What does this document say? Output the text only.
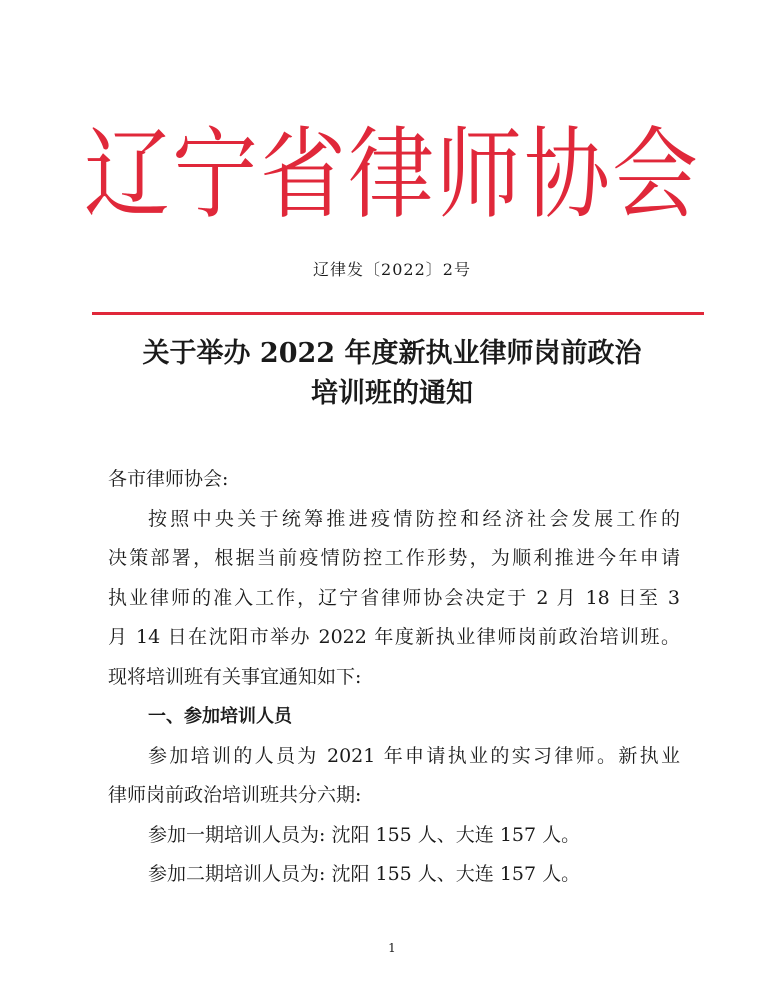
辽宁省律师协会
辽律发〔2022〕2号
关于举办 2022 年度新执业律师岗前政治
培训班的通知
各市律师协会:
按照中央关于统筹推进疫情防控和经济社会发展工作的
决策部署，根据当前疫情防控工作形势，为顺利推进今年申请
执业律师的准入工作，辽宁省律师协会决定于 2 月 18 日至 3
月 14 日在沈阳市举办 2022 年度新执业律师岗前政治培训班。
现将培训班有关事宜通知如下:
一、参加培训人员
参加培训的人员为 2021 年申请执业的实习律师。新执业
律师岗前政治培训班共分六期:
参加一期培训人员为: 沈阳 155 人、大连 157 人。
参加二期培训人员为: 沈阳 155 人、大连 157 人。
1
